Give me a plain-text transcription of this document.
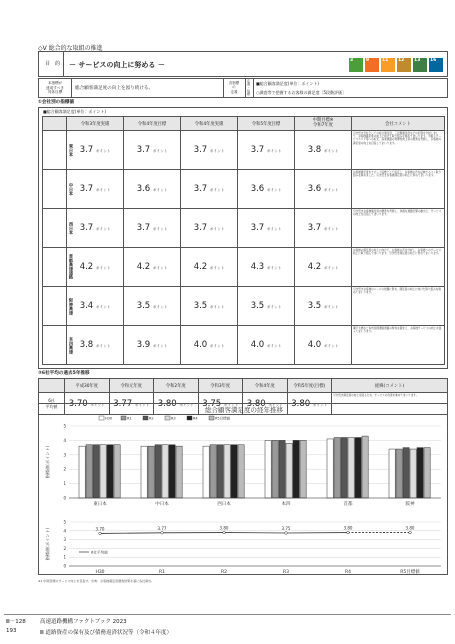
◇Ⅴ 総合的な取組の推進
目　的 － サービスの向上に努める －
3	9	11 12 13 16
本指標が
達成すべき
具体目標
総合顧客満足度の向上を図り続ける。
各指標
の
定義
定
義
・
指
標
■総合顧客満足度(単位：ポイント)
○調査等で把握するお客様の満足度［5段階評価］
①会社別の指標値
■総合顧客満足度(単位：ポイント)
	令和3年度実績	令和4年度目標	令和4年度実績	令和5年度目標	中期目標※
令和7年度	会社コメント

東日本	3.7 ポイント	3.7 ポイント	3.7 ポイント	3.7 ポイント	3.8 ポイント	引き続き会社としての総合満足度、三段階満足度などの回答を分析しまして、お客様満足度の向上に向けて取り組みを進めてまいります。今後もサービスエリア等への拡充、高速道路の利便性向上等の施策を実施し、お客様の満足度の向上を目指してまいります。

中日本	3.7 ポイント	3.6 ポイント	3.7 ポイント	3.6 ポイント	3.6 ポイント	お客様満足度をリピート指標として設定し、お客様の声を反映するべく取り組みを進めました。引き続きお客様満足度の向上に努めてまいります。

西日本	3.7 ポイント	3.7 ポイント	3.7 ポイント	3.7 ポイント	3.7 ポイント	引き続きお客様満足度の調査を実施し、快適な道路空間の創出と、サービスの向上を目指してまいります。

首都高速道路	4.2 ポイント	4.2 ポイント	4.2 ポイント	4.3 ポイント	4.2 ポイント	お客様の満足度の向上に向けて、お客様の声を分析し、お客様へのサービス向上に取り組んでまいります。引き続き満足度の向上に努めてまいります。

阪神高速	3.4 ポイント	3.5 ポイント	3.5 ポイント	3.5 ポイント	3.5 ポイント	引き続きお客様のニーズの把握に努め、満足度の向上に向けた取り組みを進めてまいります。

本四高速	3.8 ポイント	3.9 ポイント	4.0 ポイント	4.0 ポイント	4.0 ポイント	瀬戸大橋など本州四国連絡道路の特性を踏まえ、お客様サービスの向上を図ってまいります。
②6社平均の過去5年推移
	平成30年度	令和元年度	令和2年度	令和3年度	令和4年度	令和5年度(目標)	経緯(コメント)
6社
平均値	3.70 ポイント	3.77 ポイント	3.80 ポイント	3.75 ポイント	3.80 ポイント	3.80 ポイント	引き続き満足度の向上を図るため、サービスの改善を進めてまいります。
総合顧客満足度の経年推移
0
1
2
3
4
5
指標値(ポイント)
東日本	中日本	西日本	本四	首都	阪神
H30	R1	R2	R3	R4	R5目標値
0
1
2
3
4
5
指標値(ポイント)	3.70
H30
3.77
R1
3.80
R2
3.75
R3
3.80
R4
3.80
R5目標値
6社平均値
※1 中期目標のサービス向上を目指す。出典：お客様満足度調査結果を基に各社算出。
Ⅲ－128	高速道路機構ファクトブック 2023
193	Ⅲ 道路資産の保有及び債務返済状況等（令和４年度）
